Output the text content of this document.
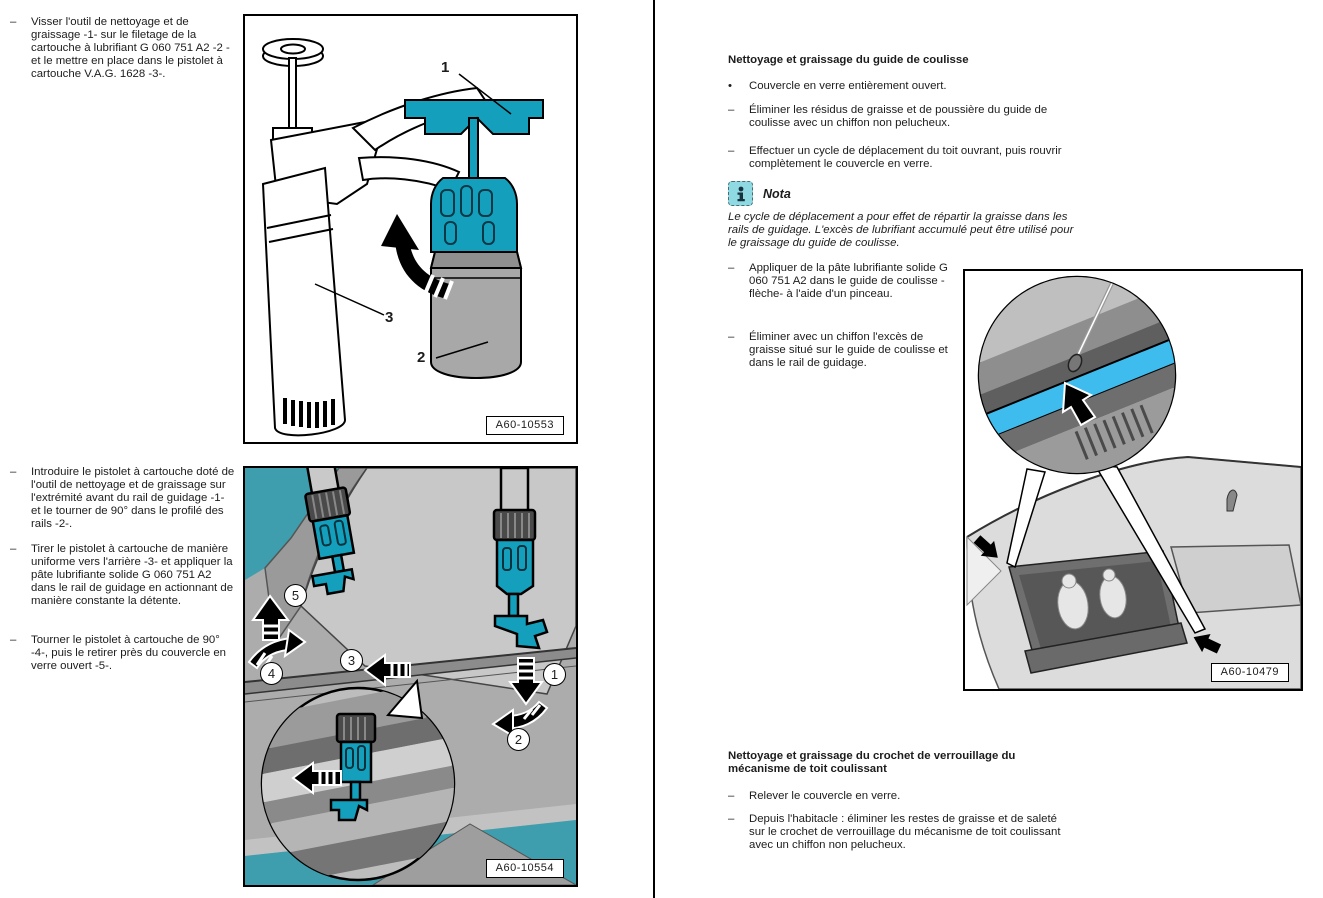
–	Visser l'outil de nettoyage et de graissage -1- sur le filetage de la cartouche à lubrifiant G 060 751 A2 -2 - et le mettre en place dans le pistolet à cartouche V.A.G. 1628 -3-.
–	Introduire le pistolet à cartouche doté de l'outil de nettoyage et de graissage sur l'extrémité avant du rail de guidage -1- et le tourner de 90° dans le profilé des rails -2-.
–	Tirer le pistolet à cartouche de manière uniforme vers l'arrière -3- et appliquer la pâte lubrifiante solide G 060 751 A2 dans le rail de guidage en actionnant de manière constante la détente.
–	Tourner le pistolet à cartouche de 90° -4-, puis le retirer près du couvercle en verre ouvert -5-.
1
2
3
A60-10553
1
2
3
4
5
A60-10554
Nettoyage et graissage du guide de coulisse
•	Couvercle en verre entièrement ouvert.
–	Éliminer les résidus de graisse et de poussière du guide de coulisse avec un chiffon non pelucheux.
–	Effectuer un cycle de déplacement du toit ouvrant, puis rouvrir complètement le couvercle en verre.
Nota
Le cycle de déplacement a pour effet de répartir la graisse dans les rails de guidage. L'excès de lubrifiant accumulé peut être utilisé pour le graissage du guide de coulisse.
–	Appliquer de la pâte lubrifiante solide G 060 751 A2 dans le guide de coulisse -flèche- à l'aide d'un pinceau.
–	Éliminer avec un chiffon l'excès de graisse situé sur le guide de coulisse et dans le rail de guidage.
A60-10479
Nettoyage et graissage du crochet de verrouillage du mécanisme de toit coulissant
–	Relever le couvercle en verre.
–	Depuis l'habitacle : éliminer les restes de graisse et de saleté sur le crochet de verrouillage du mécanisme de toit coulissant avec un chiffon non pelucheux.
